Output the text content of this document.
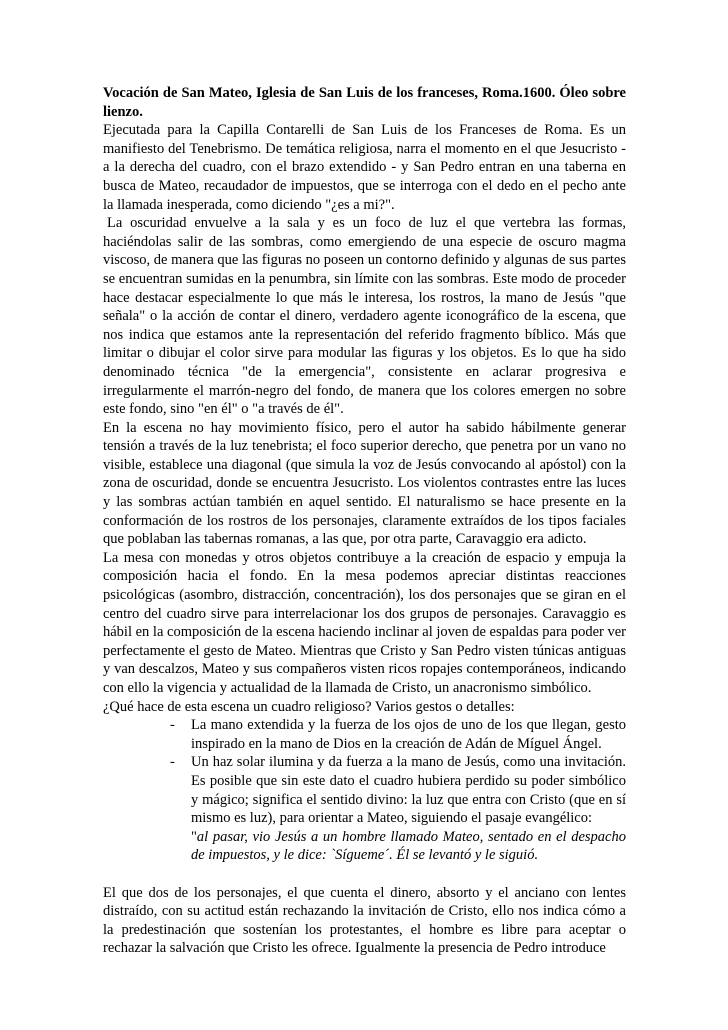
Vocación de San Mateo, Iglesia de San Luis de los franceses, Roma.1600. Óleo sobre lienzo.

Ejecutada para la Capilla Contarelli de San Luis de los Franceses de Roma. Es un manifiesto del Tenebrismo. De temática religiosa, narra el momento en el que Jesucristo - a la derecha del cuadro, con el brazo extendido - y San Pedro entran en una taberna en busca de Mateo, recaudador de impuestos, que se interroga con el dedo en el pecho ante la llamada inesperada, como diciendo "¿es a mi?".

La oscuridad envuelve a la sala y es un foco de luz el que vertebra las formas, haciéndolas salir de las sombras, como emergiendo de una especie de oscuro magma viscoso, de manera que las figuras no poseen un contorno definido y algunas de sus partes se encuentran sumidas en la penumbra, sin límite con las sombras. Este modo de proceder hace destacar especialmente lo que más le interesa, los rostros, la mano de Jesús "que señala" o la acción de contar el dinero, verdadero agente iconográfico de la escena, que nos indica que estamos ante la representación del referido fragmento bíblico. Más que limitar o dibujar el color sirve para modular las figuras y los objetos. Es lo que ha sido denominado técnica "de la emergencia", consistente en aclarar progresiva e irregularmente el marrón-negro del fondo, de manera que los colores emergen no sobre este fondo, sino "en él" o "a través de él".

En la escena no hay movimiento físico, pero el autor ha sabido hábilmente generar tensión a través de la luz tenebrista; el foco superior derecho, que penetra por un vano no visible, establece una diagonal (que simula la voz de Jesús convocando al apóstol) con la zona de oscuridad, donde se encuentra Jesucristo. Los violentos contrastes entre las luces y las sombras actúan también en aquel sentido. El naturalismo se hace presente en la conformación de los rostros de los personajes, claramente extraídos de los tipos faciales que poblaban las tabernas romanas, a las que, por otra parte, Caravaggio era adicto.

La mesa con monedas y otros objetos contribuye a la creación de espacio y empuja la composición hacia el fondo. En la mesa podemos apreciar distintas reacciones psicológicas (asombro, distracción, concentración), los dos personajes que se giran en el centro del cuadro sirve para interrelacionar los dos grupos de personajes. Caravaggio es hábil en la composición de la escena haciendo inclinar al joven de espaldas para poder ver perfectamente el gesto de Mateo. Mientras que Cristo y San Pedro visten túnicas antiguas y van descalzos, Mateo y sus compañeros visten ricos ropajes contemporáneos, indicando con ello la vigencia y actualidad de la llamada de Cristo, un anacronismo simbólico.

¿Qué hace de esta escena un cuadro religioso? Varios gestos o detalles:

- La mano extendida y la fuerza de los ojos de uno de los que llegan, gesto inspirado en la mano de Dios en la creación de Adán de Míguel Ángel.
- Un haz solar ilumina y da fuerza a la mano de Jesús, como una invitación. Es posible que sin este dato el cuadro hubiera perdido su poder simbólico y mágico; significa el sentido divino: la luz que entra con Cristo (que en sí mismo es luz), para orientar a Mateo, siguiendo el pasaje evangélico:

"al pasar, vio Jesús a un hombre llamado Mateo, sentado en el despacho de impuestos, y le dice: `Sígueme´. Él se levantó y le siguió.

El que dos de los personajes, el que cuenta el dinero, absorto y el anciano con lentes distraído, con su actitud están rechazando la invitación de Cristo, ello nos indica cómo a la predestinación que sostenían los protestantes, el hombre es libre para aceptar o rechazar la salvación que Cristo les ofrece. Igualmente la presencia de Pedro introduce
